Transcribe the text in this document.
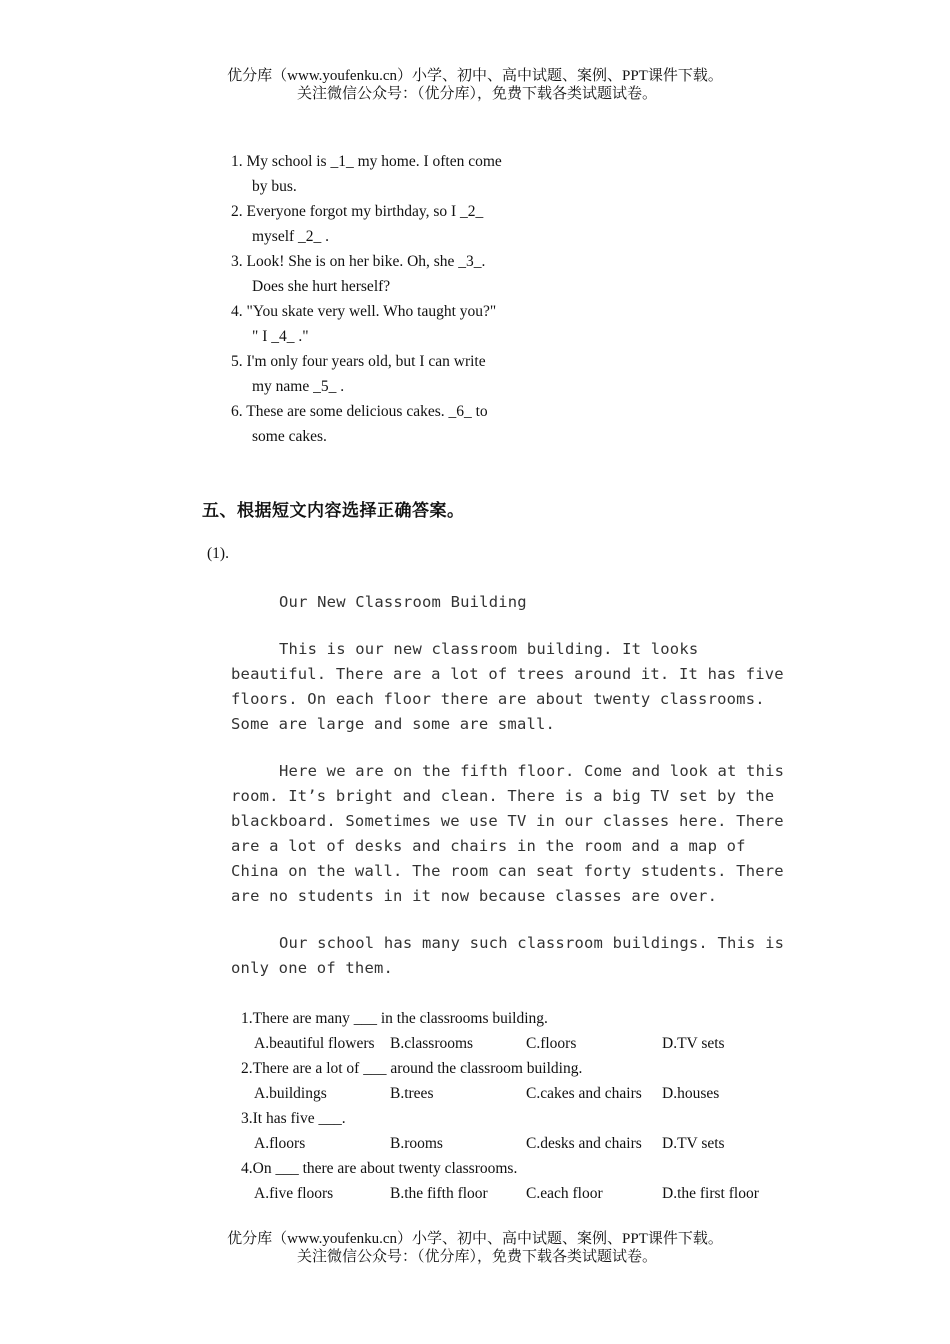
优分库（www.youfenku.cn）小学、初中、高中试题、案例、PPT课件下载。
关注微信公众号：（优分库），免费下载各类试题试卷。
1. My school is _1_ my home. I often come
by bus.
2. Everyone forgot my birthday, so I _2_
myself _2_ .
3. Look! She is on her bike. Oh, she _3_.
Does she hurt herself?
4. "You skate very well. Who taught you?"
" I _4_ ."
5. I'm only four years old, but I can write
my name _5_ .
6. These are some delicious cakes. _6_ to
some cakes.
五、根据短文内容选择正确答案。
(1).
Our New Classroom Building
This is our new classroom building. It looks beautiful. There are a lot of trees around it. It has five floors. On each floor there are about twenty classrooms. Some are large and some are small.
Here we are on the fifth floor. Come and look at this room. It’s bright and clean. There is a big TV set by the blackboard. Sometimes we use TV in our classes here. There are a lot of desks and chairs in the room and a map of China on the wall. The room can seat forty students. There are no students in it now because classes are over.
Our school has many such classroom buildings. This is only one of them.
1.There are many ___ in the classrooms building.
A.beautiful flowers B.classrooms	C.floors	D.TV sets
2.There are a lot of ___ around the classroom building.
A.buildings	B.trees	C.cakes and chairs	D.houses
3.It has five ___.
A.floors	B.rooms	C.desks and chairs	D.TV sets
4.On ___ there are about twenty classrooms.
A.five floors	B.the fifth floor	C.each floor	D.the first floor
优分库（www.youfenku.cn）小学、初中、高中试题、案例、PPT课件下载。
关注微信公众号：（优分库），免费下载各类试题试卷。
